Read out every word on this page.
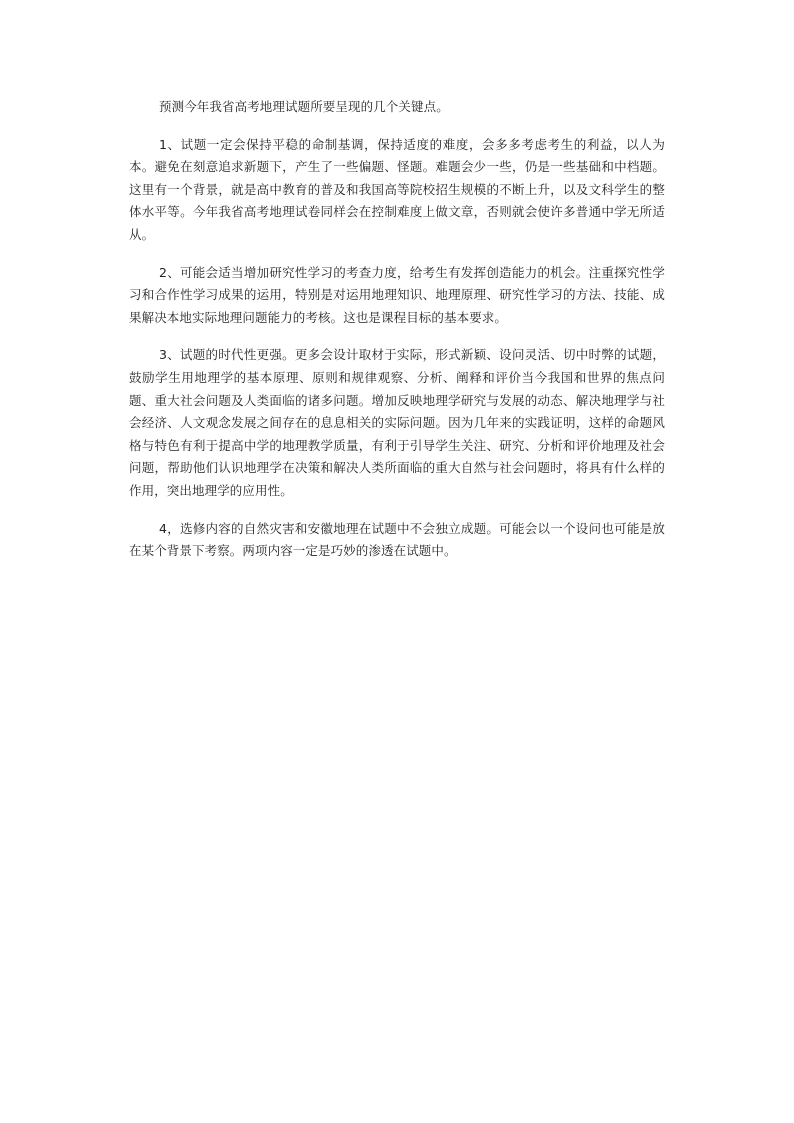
预测今年我省高考地理试题所要呈现的几个关键点。

1、试题一定会保持平稳的命制基调，保持适度的难度，会多多考虑考生的利益，以人为本。避免在刻意追求新题下，产生了一些偏题、怪题。难题会少一些，仍是一些基础和中档题。这里有一个背景，就是高中教育的普及和我国高等院校招生规模的不断上升，以及文科学生的整体水平等。今年我省高考地理试卷同样会在控制难度上做文章，否则就会使许多普通中学无所适从。

2、可能会适当增加研究性学习的考查力度，给考生有发挥创造能力的机会。注重探究性学习和合作性学习成果的运用，特别是对运用地理知识、地理原理、研究性学习的方法、技能、成果解决本地实际地理问题能力的考核。这也是课程目标的基本要求。

3、试题的时代性更强。更多会设计取材于实际，形式新颖、设问灵活、切中时弊的试题，鼓励学生用地理学的基本原理、原则和规律观察、分析、阐释和评价当今我国和世界的焦点问题、重大社会问题及人类面临的诸多问题。增加反映地理学研究与发展的动态、解决地理学与社会经济、人文观念发展之间存在的息息相关的实际问题。因为几年来的实践证明，这样的命题风格与特色有利于提高中学的地理教学质量，有利于引导学生关注、研究、分析和评价地理及社会问题，帮助他们认识地理学在决策和解决人类所面临的重大自然与社会问题时，将具有什么样的作用，突出地理学的应用性。

4，选修内容的自然灾害和安徽地理在试题中不会独立成题。可能会以一个设问也可能是放在某个背景下考察。两项内容一定是巧妙的渗透在试题中。
